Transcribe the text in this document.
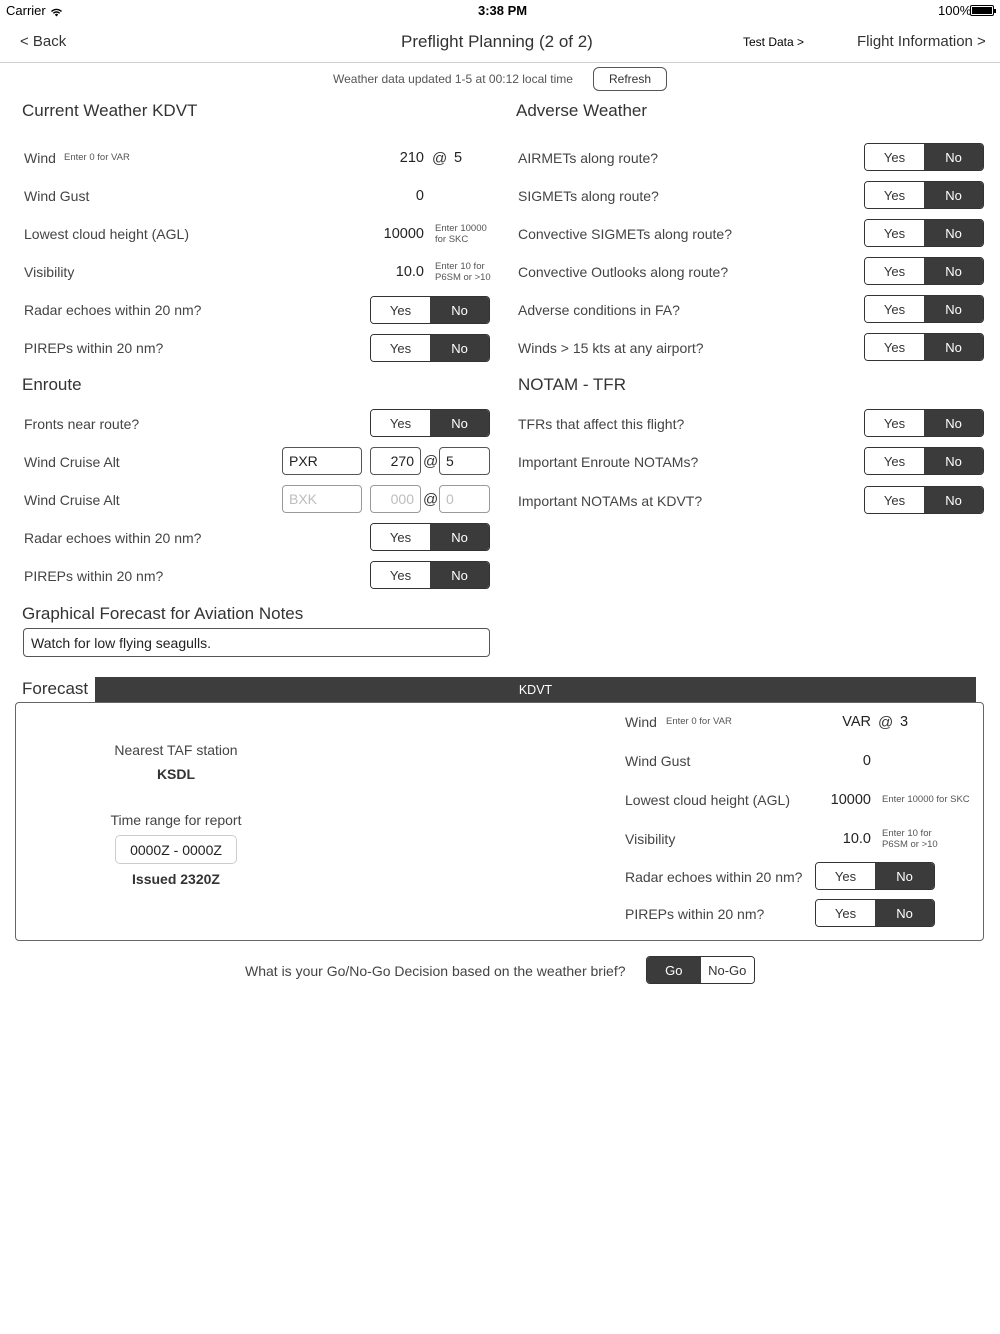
Carrier	3:38 PM	100%
< Back	Preflight Planning (2 of 2)	Test Data >	Flight Information >
Weather data updated 1-5 at 00:12 local time	Refresh
Current Weather KDVT
Wind Enter 0 for VAR	210 @ 5
Wind Gust	0
Lowest cloud height (AGL)	10000 Enter 10000
for SKC
Visibility	10.0 Enter 10 for
P6SM or >10
Radar echoes within 20 nm?	Yes	No
PIREPs within 20 nm?	Yes	No
Enroute
Fronts near route?	Yes	No
Wind Cruise Alt	PXR	270 @ 5
Wind Cruise Alt	BXK	000 @ 0
Radar echoes within 20 nm?	Yes	No
PIREPs within 20 nm?	Yes	No
Graphical Forecast for Aviation Notes
Watch for low flying seagulls.
Adverse Weather
AIRMETs along route?	Yes	No
SIGMETs along route?	Yes	No
Convective SIGMETs along route?	Yes	No
Convective Outlooks along route?	Yes	No
Adverse conditions in FA?	Yes	No
Winds > 15 kts at any airport?	Yes	No
NOTAM - TFR
TFRs that affect this flight?	Yes	No
Important Enroute NOTAMs?	Yes	No
Important NOTAMs at KDVT?	Yes	No
Forecast	KDVT
Nearest TAF station
KSDL
Time range for report
0000Z - 0000Z
Issued 2320Z
Wind Enter 0 for VAR	VAR @ 3
Wind Gust	0
Lowest cloud height (AGL)	10000 Enter 10000 for SKC
Visibility	10.0 Enter 10 for
P6SM or >10
Radar echoes within 20 nm?	Yes	No
PIREPs within 20 nm?	Yes	No
What is your Go/No-Go Decision based on the weather brief?	Go	No-Go
